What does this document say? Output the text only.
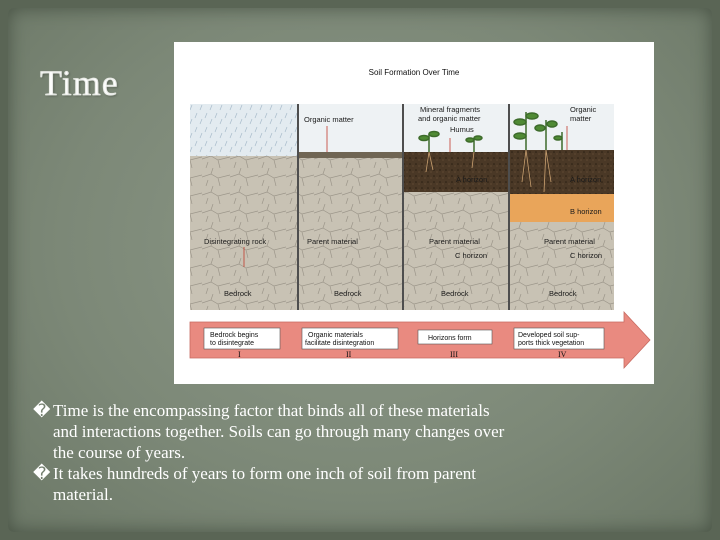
Time
Organic matter
Mineral fragments
and organic matter
Humus
Organic
matter
A horizon	A horizon
B horizon
Disintegrating rock	Parent material	Parent material	Parent material
C horizon	C horizon
Bedrock	Bedrock	Bedrock	Bedrock
Bedrock begins
to disintegrate
Organic materials
facilitate disintegration
Horizons form	Developed soil sup-
ports thick vegetation
I	II	III	IV
Soil Formation Over Time
� Time is the encompassing factor that binds all of these materials
and interactions together. Soils can go through many changes over
the course of years.
� It takes hundreds of years to form one inch of soil from parent
material.
